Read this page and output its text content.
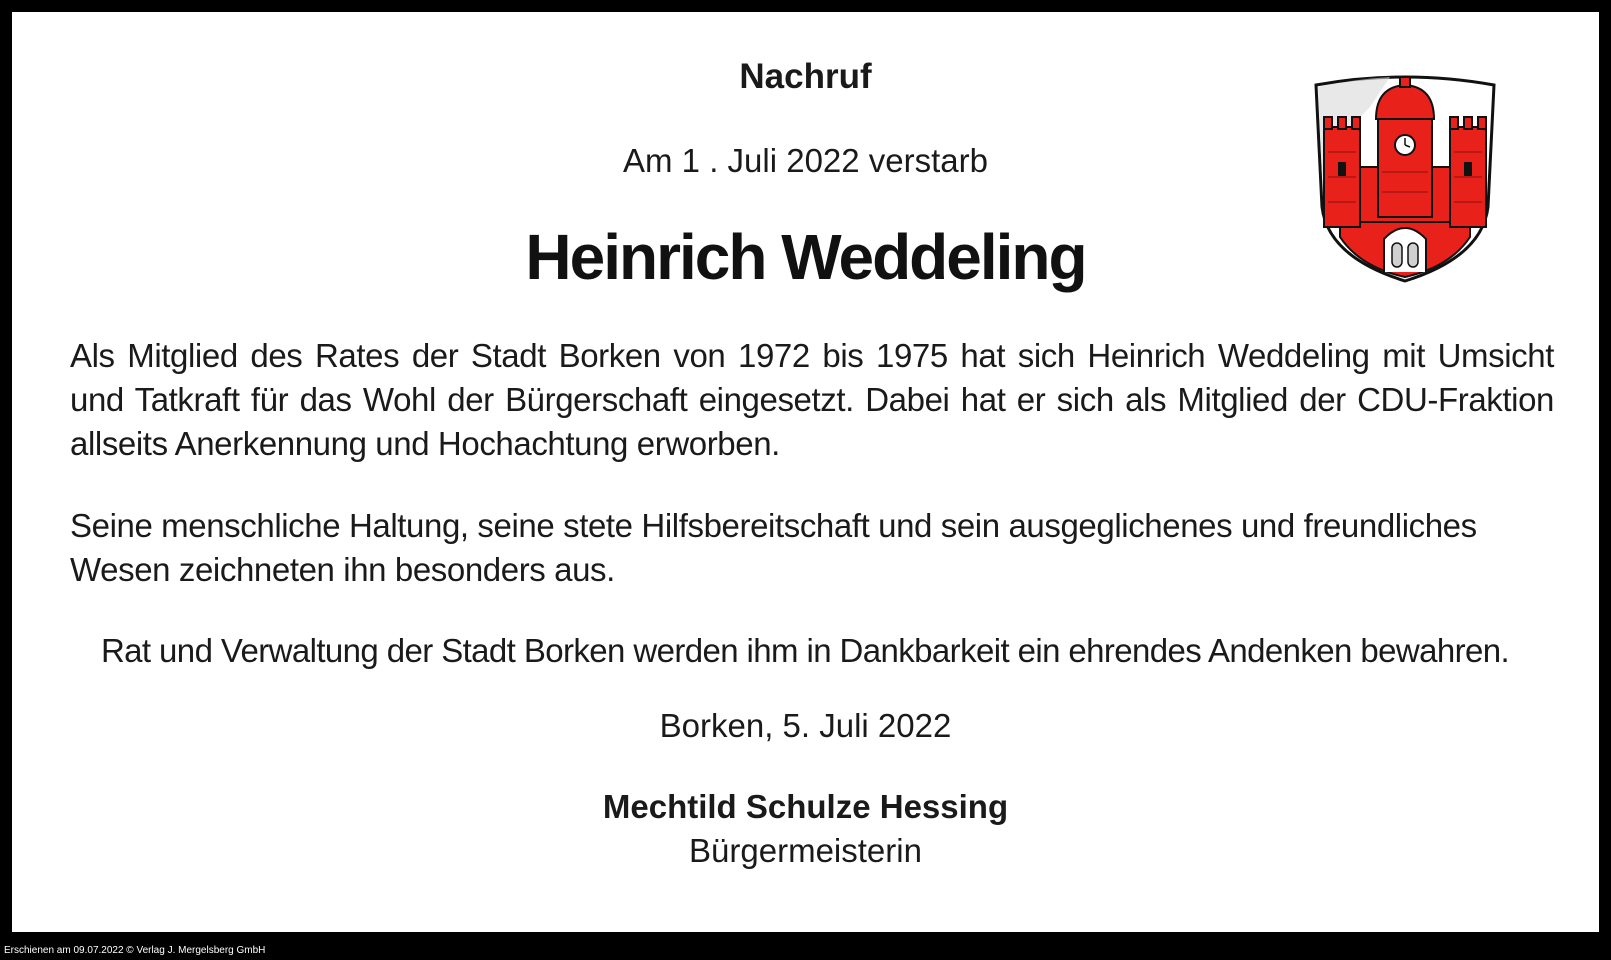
Nachruf
Am 1 . Juli 2022 verstarb
Heinrich Weddeling
Als Mitglied des Rates der Stadt Borken von 1972 bis 1975 hat sich Heinrich Weddeling mit Umsicht und Tatkraft für das Wohl der Bürgerschaft eingesetzt. Dabei hat er sich als Mitglied der CDU-Fraktion allseits Anerkennung und Hochachtung erworben.
Seine menschliche Haltung, seine stete Hilfsbereitschaft und sein ausgeglichenes und freundliches Wesen zeichneten ihn besonders aus.
Rat und Verwaltung der Stadt Borken werden ihm in Dankbarkeit ein ehrendes Andenken bewahren.
Borken, 5. Juli 2022
Mechtild Schulze Hessing
Bürgermeisterin
Erschienen am 09.07.2022 © Verlag J. Mergelsberg GmbH
